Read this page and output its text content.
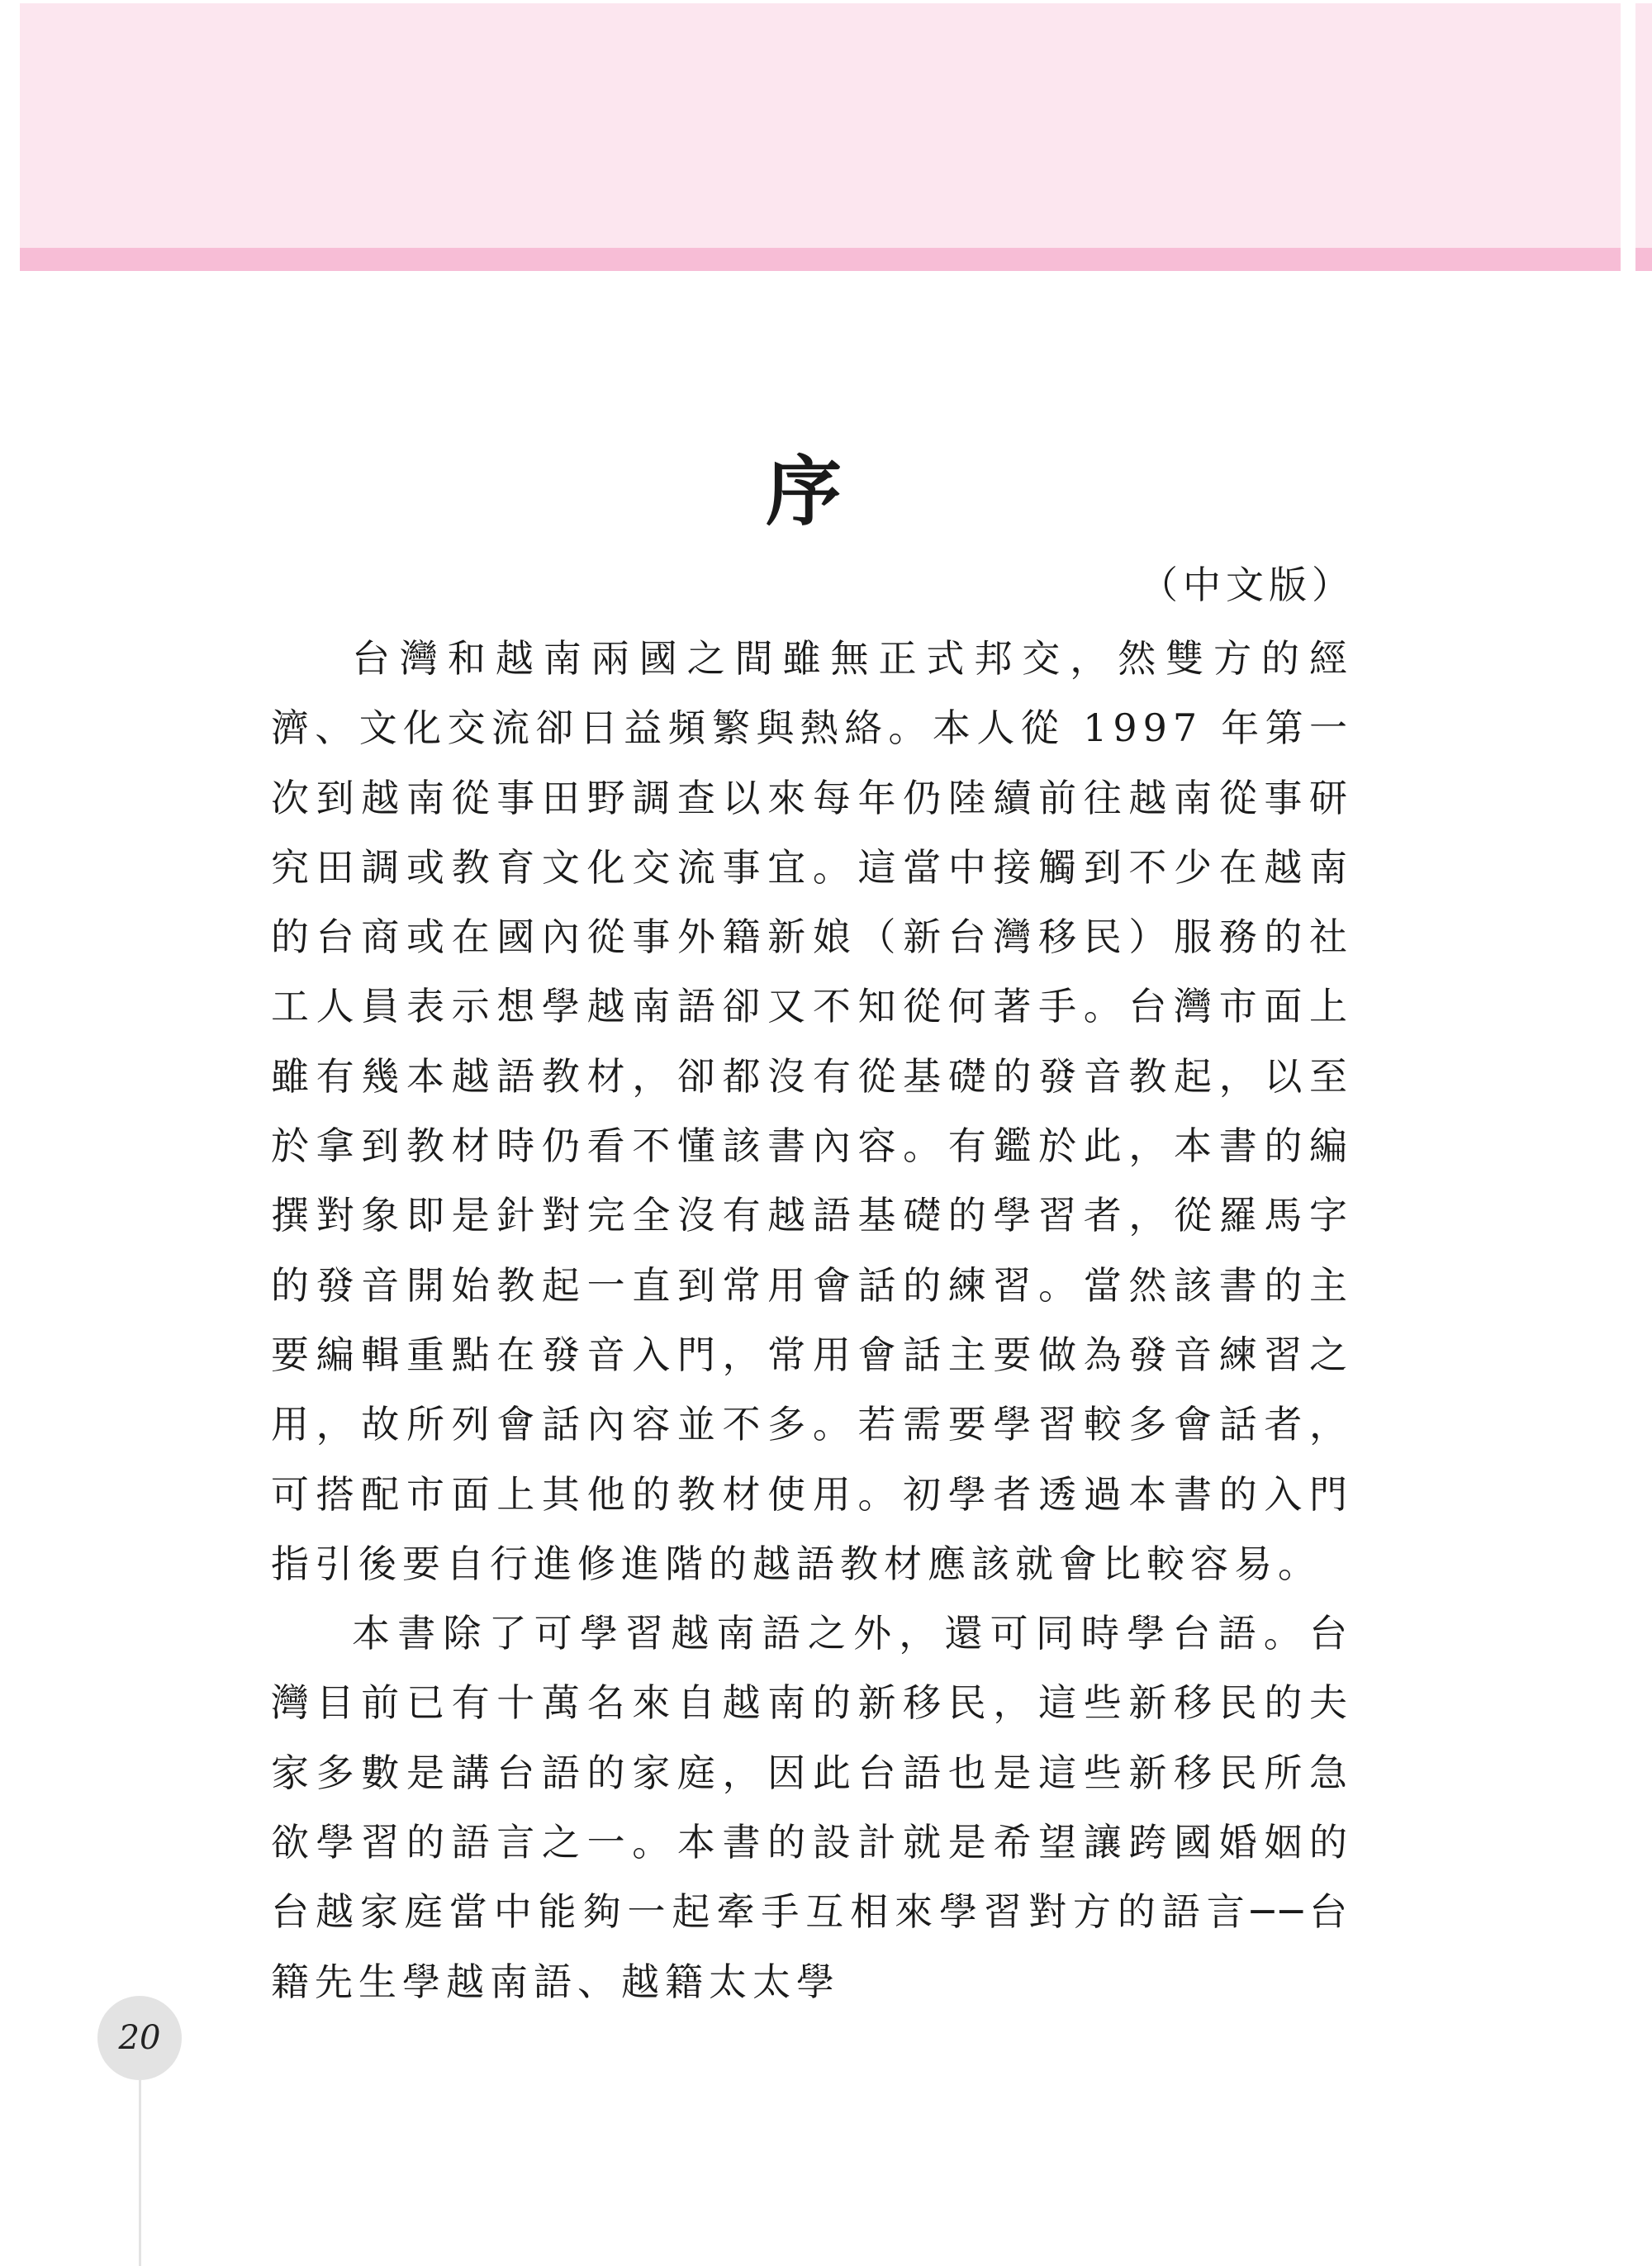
序
（中文版）

台灣和越南兩國之間雖無正式邦交，然雙方的經濟、文化交流卻日益頻繁與熱絡。本人從 1997 年第一次到越南從事田野調查以來每年仍陸續前往越南從事研究田調或教育文化交流事宜。這當中接觸到不少在越南的台商或在國內從事外籍新娘（新台灣移民）服務的社工人員表示想學越南語卻又不知從何著手。台灣市面上雖有幾本越語教材，卻都沒有從基礎的發音教起，以至於拿到教材時仍看不懂該書內容。有鑑於此，本書的編撰對象即是針對完全沒有越語基礎的學習者，從羅馬字的發音開始教起一直到常用會話的練習。當然該書的主要編輯重點在發音入門，常用會話主要做為發音練習之用，故所列會話內容並不多。若需要學習較多會話者，可搭配市面上其他的教材使用。初學者透過本書的入門指引後要自行進修進階的越語教材應該就會比較容易。

本書除了可學習越南語之外，還可同時學台語。台灣目前已有十萬名來自越南的新移民，這些新移民的夫家多數是講台語的家庭，因此台語也是這些新移民所急欲學習的語言之一。本書的設計就是希望讓跨國婚姻的台越家庭當中能夠一起牽手互相來學習對方的語言──台籍先生學越南語、越籍太太學

20
